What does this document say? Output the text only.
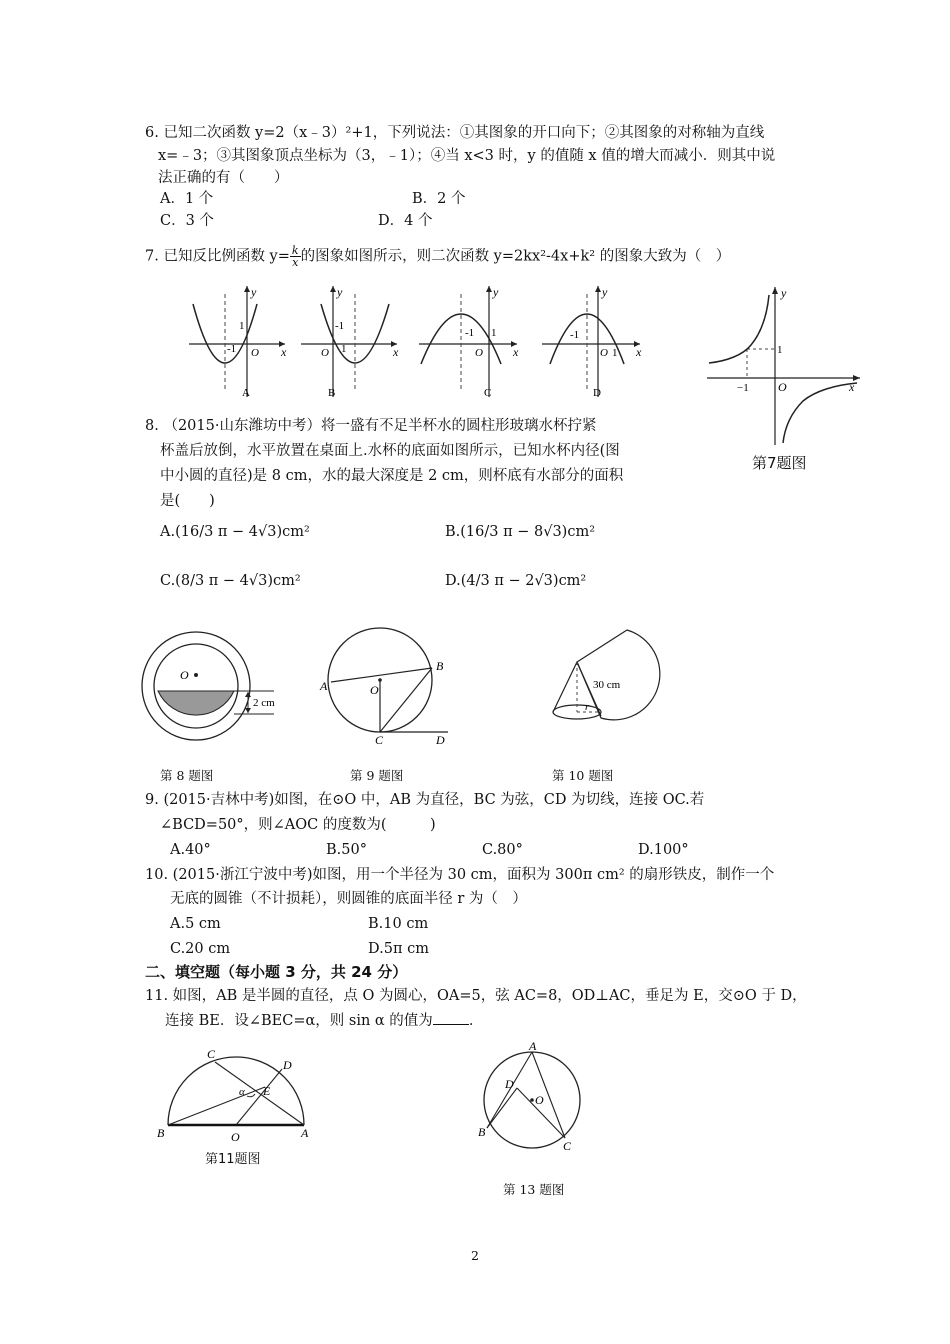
6. 已知二次函数 y=2（x﹣3）²+1，下列说法：①其图象的开口向下；②其图象的对称轴为直线
x=﹣3；③其图象顶点坐标为（3，﹣1）；④当 x<3 时，y 的值随 x 值的增大而减小．则其中说
法正确的有（　　）
A．1 个	B．2 个
C．3 个	D．4 个
7. 已知反比例函数 $y= \frac{k}{x}$ 的图象如图所示，则二次函数 y=2kx²-4x+k² 的图象大致为（　）
y
x
O
1
-1
A
y
x
O
-1
1
B
y
x
O
-1 1
C
y
x
O 1
-1
D
y
x
O
1
−1
第7题图
8. （2015·山东潍坊中考）将一盛有不足半杯水的圆柱形玻璃水杯拧紧
杯盖后放倒，水平放置在桌面上.水杯的底面如图所示，已知水杯内径(图
中小圆的直径)是 8 cm，水的最大深度是 2 cm，则杯底有水部分的面积
是(　　)
A.(16/3 π − 4√3)cm²	B.(16/3 π − 8√3)cm²
C.(8/3 π − 4√3)cm²	D.(4/3 π − 2√3)cm²
O
2 cm
A
B
O
C	D
r
30 cm
第 8 题图	第 9 题图	第 10 题图
9. (2015·吉林中考)如图，在⊙O 中，AB 为直径，BC 为弦，CD 为切线，连接 OC.若
∠BCD=50°，则∠AOC 的度数为(　　　)
A.40°	B.50°	C.80°	D.100°
10. (2015·浙江宁波中考)如图，用一个半径为 30 cm，面积为 300π cm² 的扇形铁皮，制作一个
无底的圆锥（不计损耗），则圆锥的底面半径 r 为（　）
A.5 cm	B.10 cm
C.20 cm	D.5π cm
二、填空题（每小题 3 分，共 24 分）
11. 如图，AB 是半圆的直径，点 O 为圆心，OA=5，弦 AC=8，OD⊥AC，垂足为 E，交⊙O 于 D，
连接 BE．设∠BEC=α，则 sin α 的值为 ．
C
D
E
α
B	A
O
第11题图
A
D
O
B
C
第 13 题图
2
